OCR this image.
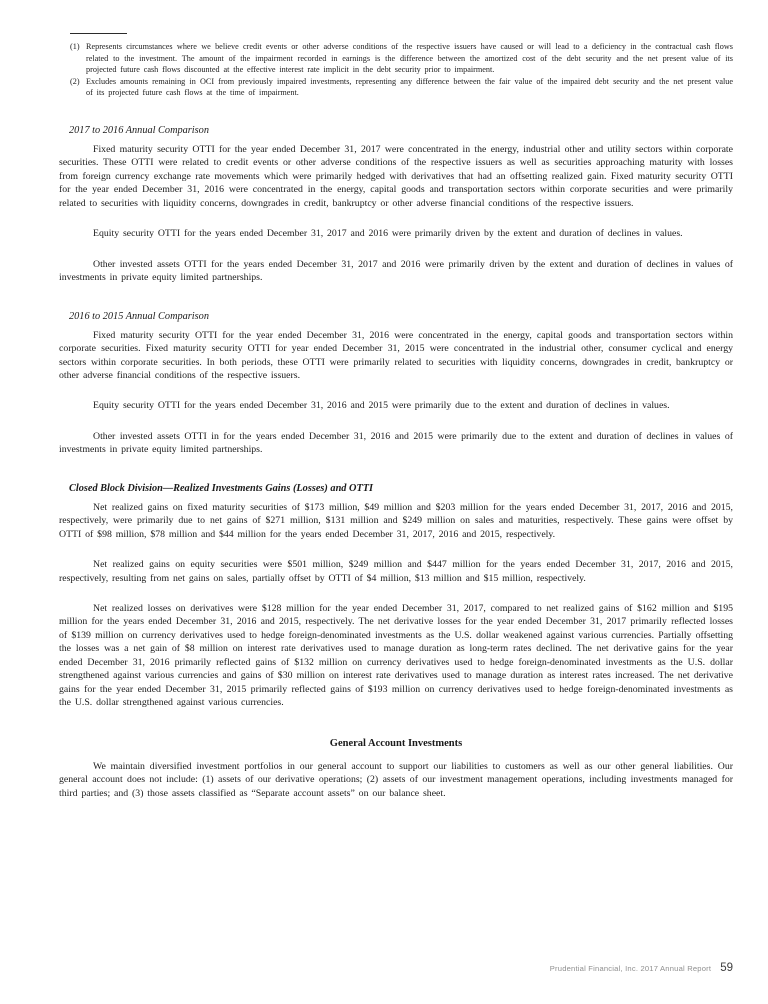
(1) Represents circumstances where we believe credit events or other adverse conditions of the respective issuers have caused or will lead to a deficiency in the contractual cash flows related to the investment. The amount of the impairment recorded in earnings is the difference between the amortized cost of the debt security and the net present value of its projected future cash flows discounted at the effective interest rate implicit in the debt security prior to impairment.
(2) Excludes amounts remaining in OCI from previously impaired investments, representing any difference between the fair value of the impaired debt security and the net present value of its projected future cash flows at the time of impairment.
2017 to 2016 Annual Comparison

Fixed maturity security OTTI for the year ended December 31, 2017 were concentrated in the energy, industrial other and utility sectors within corporate securities. These OTTI were related to credit events or other adverse conditions of the respective issuers as well as securities approaching maturity with losses from foreign currency exchange rate movements which were primarily hedged with derivatives that had an offsetting realized gain. Fixed maturity security OTTI for the year ended December 31, 2016 were concentrated in the energy, capital goods and transportation sectors within corporate securities and were primarily related to securities with liquidity concerns, downgrades in credit, bankruptcy or other adverse financial conditions of the respective issuers.

Equity security OTTI for the years ended December 31, 2017 and 2016 were primarily driven by the extent and duration of declines in values.

Other invested assets OTTI for the years ended December 31, 2017 and 2016 were primarily driven by the extent and duration of declines in values of investments in private equity limited partnerships.

2016 to 2015 Annual Comparison

Fixed maturity security OTTI for the year ended December 31, 2016 were concentrated in the energy, capital goods and transportation sectors within corporate securities. Fixed maturity security OTTI for year ended December 31, 2015 were concentrated in the industrial other, consumer cyclical and energy sectors within corporate securities. In both periods, these OTTI were primarily related to securities with liquidity concerns, downgrades in credit, bankruptcy or other adverse financial conditions of the respective issuers.

Equity security OTTI for the years ended December 31, 2016 and 2015 were primarily due to the extent and duration of declines in values.

Other invested assets OTTI in for the years ended December 31, 2016 and 2015 were primarily due to the extent and duration of declines in values of investments in private equity limited partnerships.

Closed Block Division—Realized Investments Gains (Losses) and OTTI

Net realized gains on fixed maturity securities of $173 million, $49 million and $203 million for the years ended December 31, 2017, 2016 and 2015, respectively, were primarily due to net gains of $271 million, $131 million and $249 million on sales and maturities, respectively. These gains were offset by OTTI of $98 million, $78 million and $44 million for the years ended December 31, 2017, 2016 and 2015, respectively.

Net realized gains on equity securities were $501 million, $249 million and $447 million for the years ended December 31, 2017, 2016 and 2015, respectively, resulting from net gains on sales, partially offset by OTTI of $4 million, $13 million and $15 million, respectively.

Net realized losses on derivatives were $128 million for the year ended December 31, 2017, compared to net realized gains of $162 million and $195 million for the years ended December 31, 2016 and 2015, respectively. The net derivative losses for the year ended December 31, 2017 primarily reflected losses of $139 million on currency derivatives used to hedge foreign-denominated investments as the U.S. dollar weakened against various currencies. Partially offsetting the losses was a net gain of $8 million on interest rate derivatives used to manage duration as long-term rates declined. The net derivative gains for the year ended December 31, 2016 primarily reflected gains of $132 million on currency derivatives used to hedge foreign-denominated investments as the U.S. dollar strengthened against various currencies and gains of $30 million on interest rate derivatives used to manage duration as interest rates increased. The net derivative gains for the year ended December 31, 2015 primarily reflected gains of $193 million on currency derivatives used to hedge foreign-denominated investments as the U.S. dollar strengthened against various currencies.

General Account Investments

We maintain diversified investment portfolios in our general account to support our liabilities to customers as well as our other general liabilities. Our general account does not include: (1) assets of our derivative operations; (2) assets of our investment management operations, including investments managed for third parties; and (3) those assets classified as “Separate account assets” on our balance sheet.

Prudential Financial, Inc. 2017 Annual Report 59
